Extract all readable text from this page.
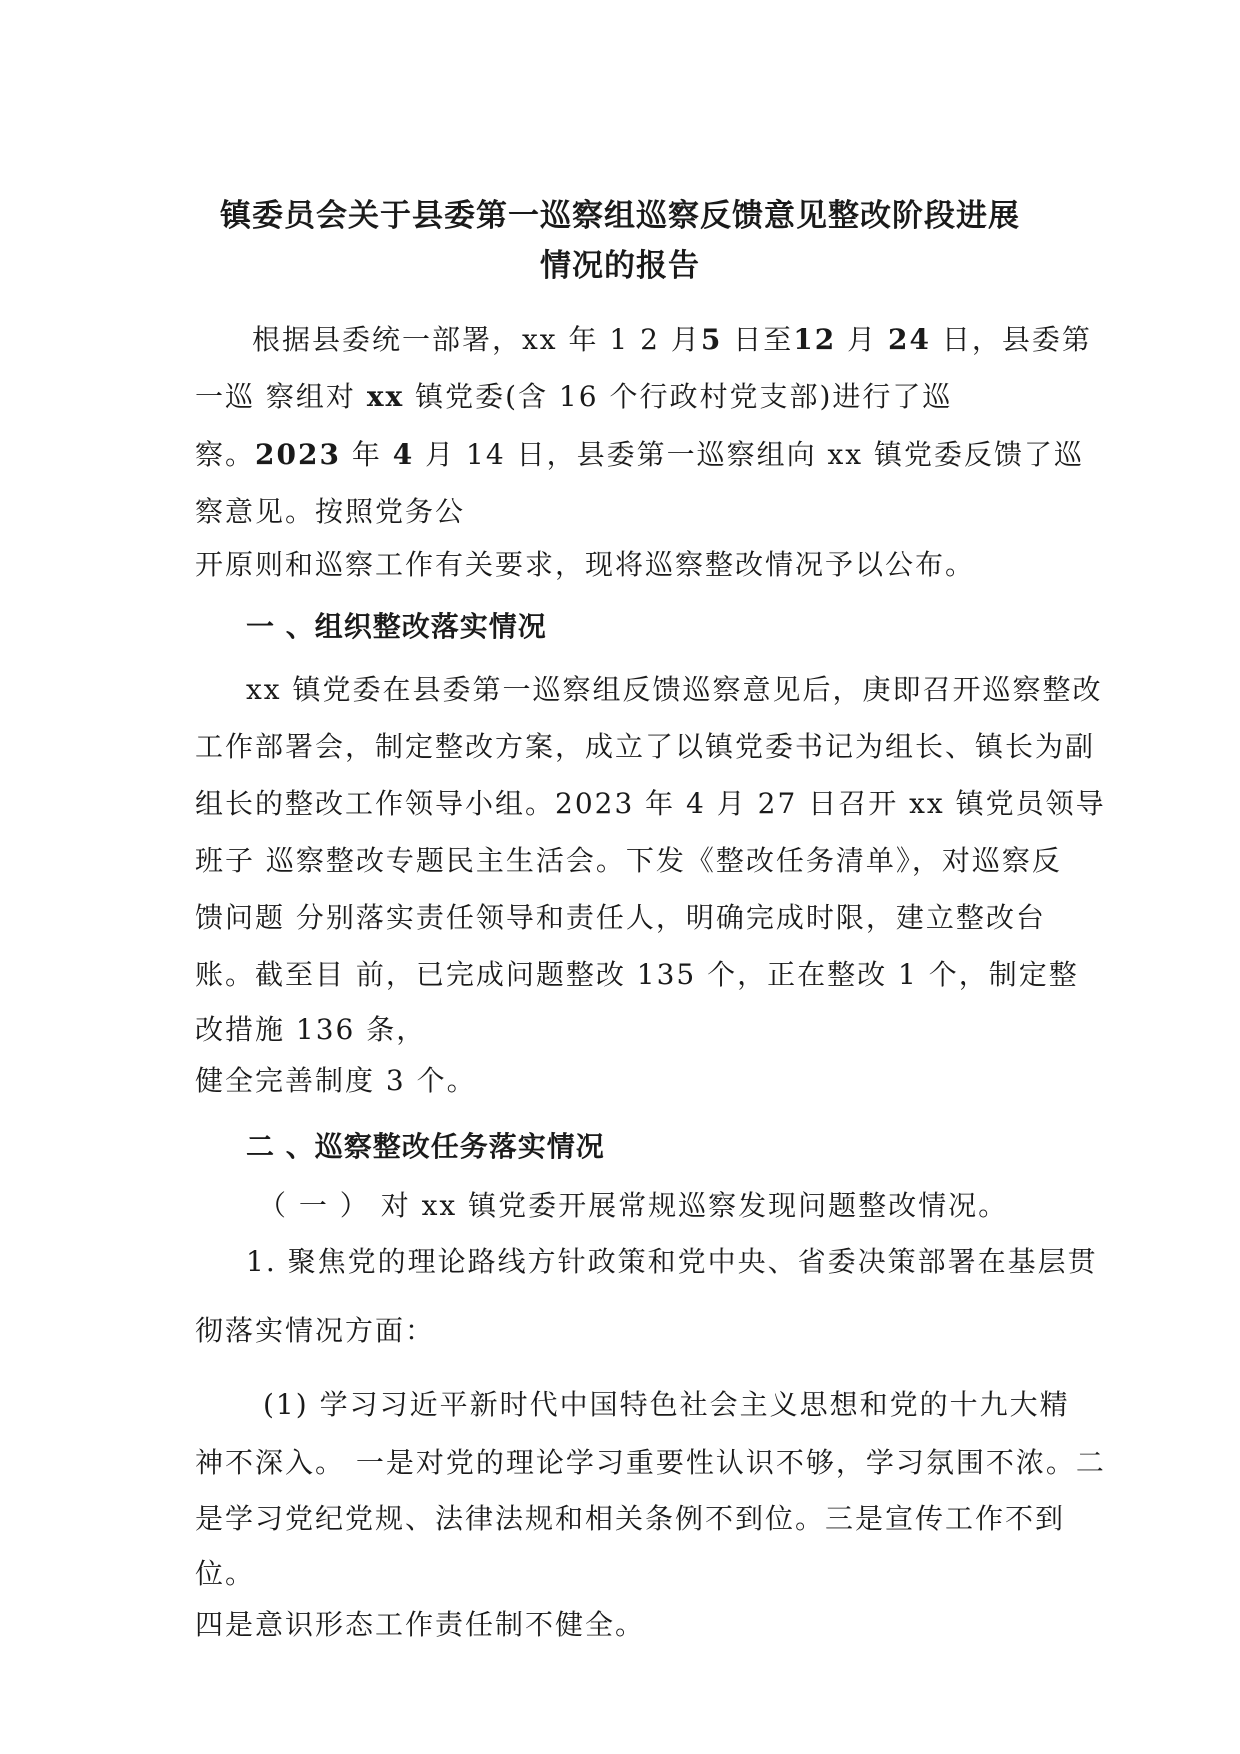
镇委员会关于县委第一巡察组巡察反馈意见整改阶段进展

情况的报告

根据县委统一部署，xx 年 1 2 月5 日至12 月 24 日，县委第

一巡 察组对 xx 镇党委(含 16 个行政村党支部)进行了巡

察。2023 年 4 月 14 日，县委第一巡察组向 xx 镇党委反馈了巡

察意见。按照党务公

开原则和巡察工作有关要求，现将巡察整改情况予以公布。

一 、组织整改落实情况

xx 镇党委在县委第一巡察组反馈巡察意见后，庚即召开巡察整改

工作部署会，制定整改方案，成立了以镇党委书记为组长、镇长为副

组长的整改工作领导小组。2023 年 4 月 27 日召开 xx 镇党员领导

班子 巡察整改专题民主生活会。下发《整改任务清单》，对巡察反

馈问题 分别落实责任领导和责任人，明确完成时限，建立整改台

账。截至目 前，已完成问题整改 135 个，正在整改 1 个，制定整

改措施 136 条，

健全完善制度 3 个。

二 、巡察整改任务落实情况

（ 一 ） 对 xx 镇党委开展常规巡察发现问题整改情况。

1. 聚焦党的理论路线方针政策和党中央、省委决策部署在基层贯

彻落实情况方面：

(1) 学习习近平新时代中国特色社会主义思想和党的十九大精

神不深入。 一是对党的理论学习重要性认识不够，学习氛围不浓。二

是学习党纪党规、法律法规和相关条例不到位。三是宣传工作不到

位。

四是意识形态工作责任制不健全。
